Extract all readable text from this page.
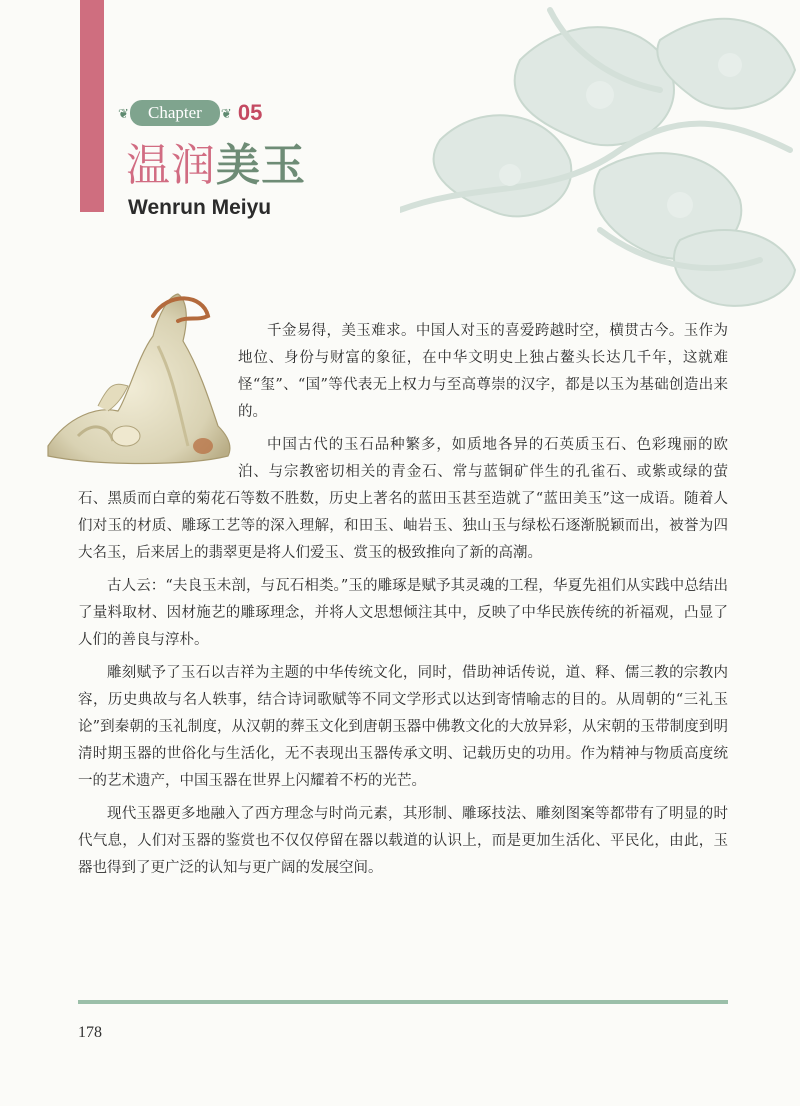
❦ Chapter ❦ 05
温润美玉
Wenrun Meiyu

千金易得，美玉难求。中国人对玉的喜爱跨越时空，横贯古今。玉作为地位、身份与财富的象征，在中华文明史上独占鳌头长达几千年，这就难怪“玺”、“国”等代表无上权力与至高尊崇的汉字，都是以玉为基础创造出来的。

中国古代的玉石品种繁多，如质地各异的石英质玉石、色彩瑰丽的欧泊、与宗教密切相关的青金石、常与蓝铜矿伴生的孔雀石、或紫或绿的萤石、黑质而白章的菊花石等数不胜数，历史上著名的蓝田玉甚至造就了“蓝田美玉”这一成语。随着人们对玉的材质、雕琢工艺等的深入理解，和田玉、岫岩玉、独山玉与绿松石逐渐脱颖而出，被誉为四大名玉，后来居上的翡翠更是将人们爱玉、赏玉的极致推向了新的高潮。

古人云：“夫良玉未剖，与瓦石相类。”玉的雕琢是赋予其灵魂的工程，华夏先祖们从实践中总结出了量料取材、因材施艺的雕琢理念，并将人文思想倾注其中，反映了中华民族传统的祈福观，凸显了人们的善良与淳朴。

雕刻赋予了玉石以吉祥为主题的中华传统文化，同时，借助神话传说，道、释、儒三教的宗教内容，历史典故与名人轶事，结合诗词歌赋等不同文学形式以达到寄情喻志的目的。从周朝的“三礼玉论”到秦朝的玉礼制度，从汉朝的葬玉文化到唐朝玉器中佛教文化的大放异彩，从宋朝的玉带制度到明清时期玉器的世俗化与生活化，无不表现出玉器传承文明、记载历史的功用。作为精神与物质高度统一的艺术遗产，中国玉器在世界上闪耀着不朽的光芒。

现代玉器更多地融入了西方理念与时尚元素，其形制、雕琢技法、雕刻图案等都带有了明显的时代气息，人们对玉器的鉴赏也不仅仅停留在器以载道的认识上，而是更加生活化、平民化，由此，玉器也得到了更广泛的认知与更广阔的发展空间。

178
